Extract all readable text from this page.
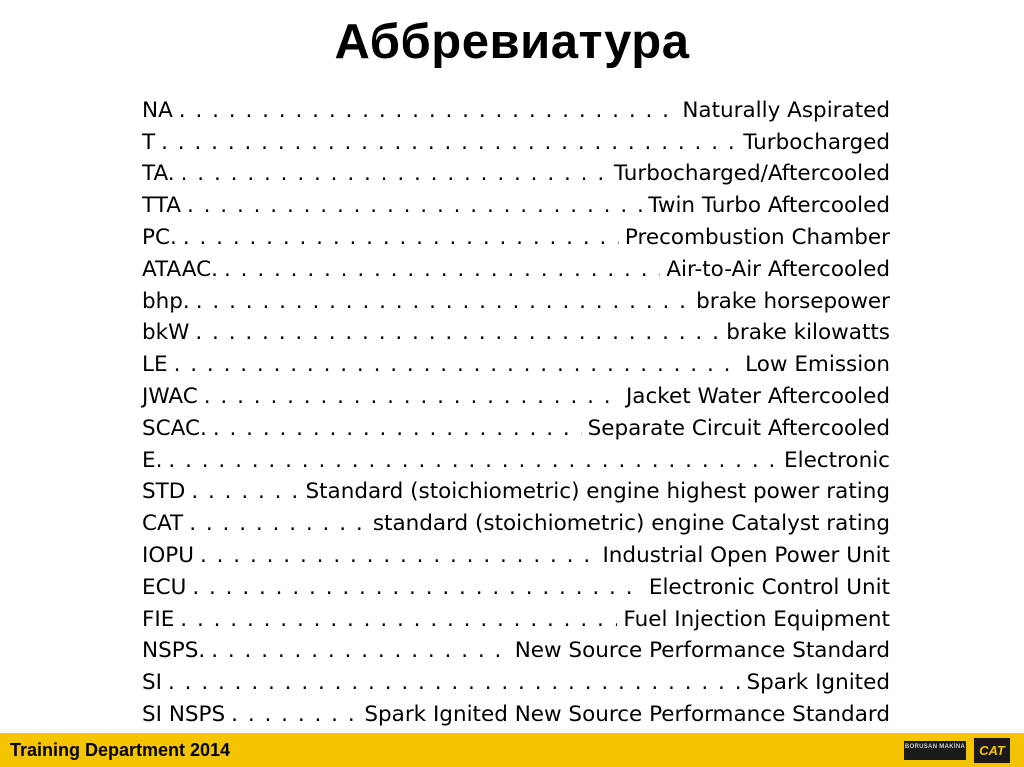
Аббревиатура
NA . . .	Naturally Aspirated
T . . .	Turbocharged
TA. . . .	Turbocharged/Aftercooled
TTA . . .	Twin Turbo Aftercooled
PC. . . .	Precombustion Chamber
ATAAC. . . .	Air-to-Air Aftercooled
bhp. . . .	brake horsepower
bkW . . .	brake kilowatts
LE . . .	Low Emission
JWAC . . .	Jacket Water Aftercooled
SCAC. . . .	Separate Circuit Aftercooled
E. . . .	Electronic
STD . . .	Standard (stoichiometric) engine highest power rating
CAT . . .	standard (stoichiometric) engine Catalyst rating
IOPU . . .	Industrial Open Power Unit
ECU . . .	Electronic Control Unit
FIE . . .	Fuel Injection Equipment
NSPS. . . .	New Source Performance Standard
SI . . .	Spark Ignited
SI NSPS . . .	Spark Ignited New Source Performance Standard
Training Department 2014	BORUSAN MAKİNA	CAT
